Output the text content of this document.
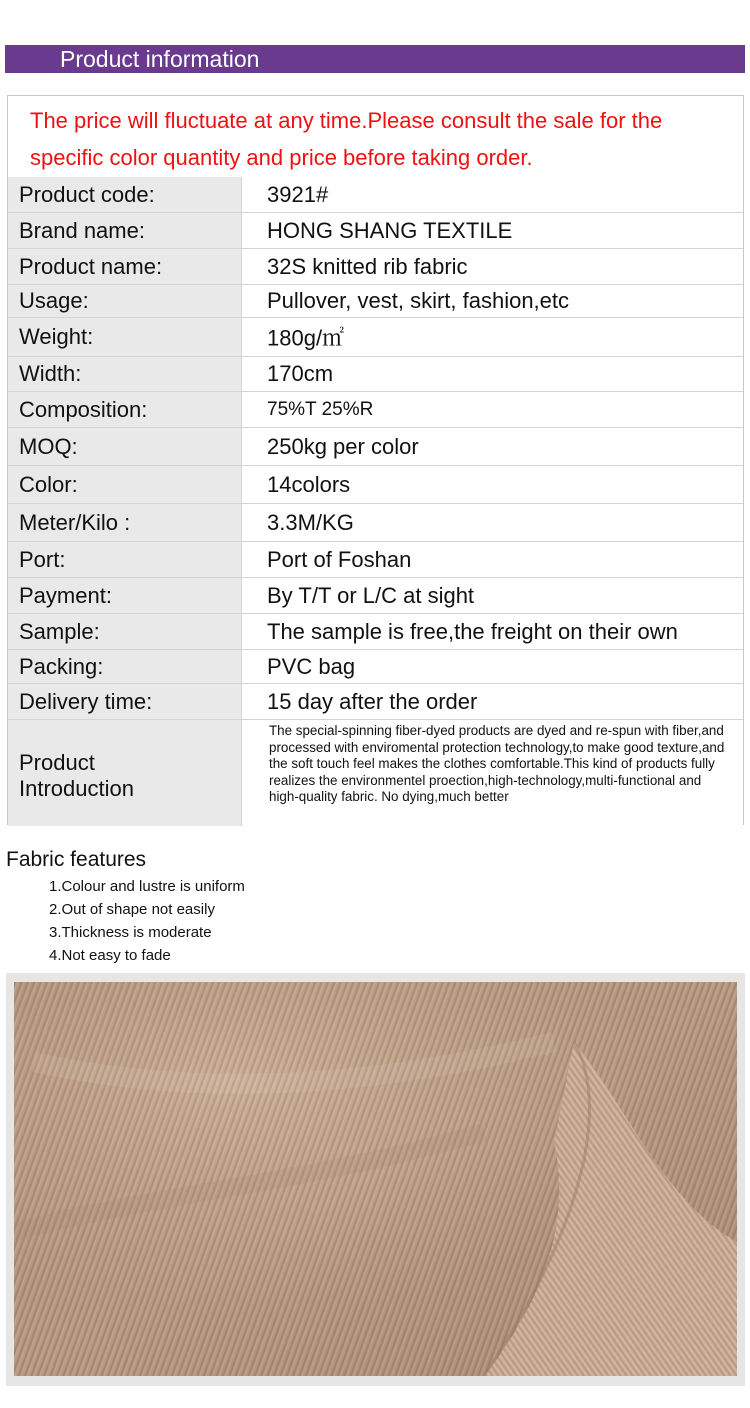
Product information

The price will fluctuate at any time.Please consult the sale for the specific color quantity and price before taking order.

Product code:	3921#
Brand name:	HONG SHANG TEXTILE
Product name:	32S knitted rib fabric
Usage:	Pullover, vest, skirt, fashion,etc
Weight:	180g/㎡
Width:	170cm
Composition:	75%T 25%R
MOQ:	250kg per color
Color:	14colors
Meter/Kilo :	3.3M/KG
Port:	Port of Foshan
Payment:	By T/T or L/C at sight
Sample:	The sample is free,the freight on their own
Packing:	PVC bag
Delivery time:	15 day after the order
Product
Introduction

The special-spinning fiber-dyed products are dyed and re-spun with fiber,and processed with enviromental protection technology,to make good texture,and the soft touch feel makes the clothes comfortable.This kind of products fully realizes the environmentel proection,high-technology,multi-functional and high-quality fabric. No dying,much better

Fabric features
1.Colour and lustre is uniform
2.Out of shape not easily
3.Thickness is moderate
4.Not easy to fade
